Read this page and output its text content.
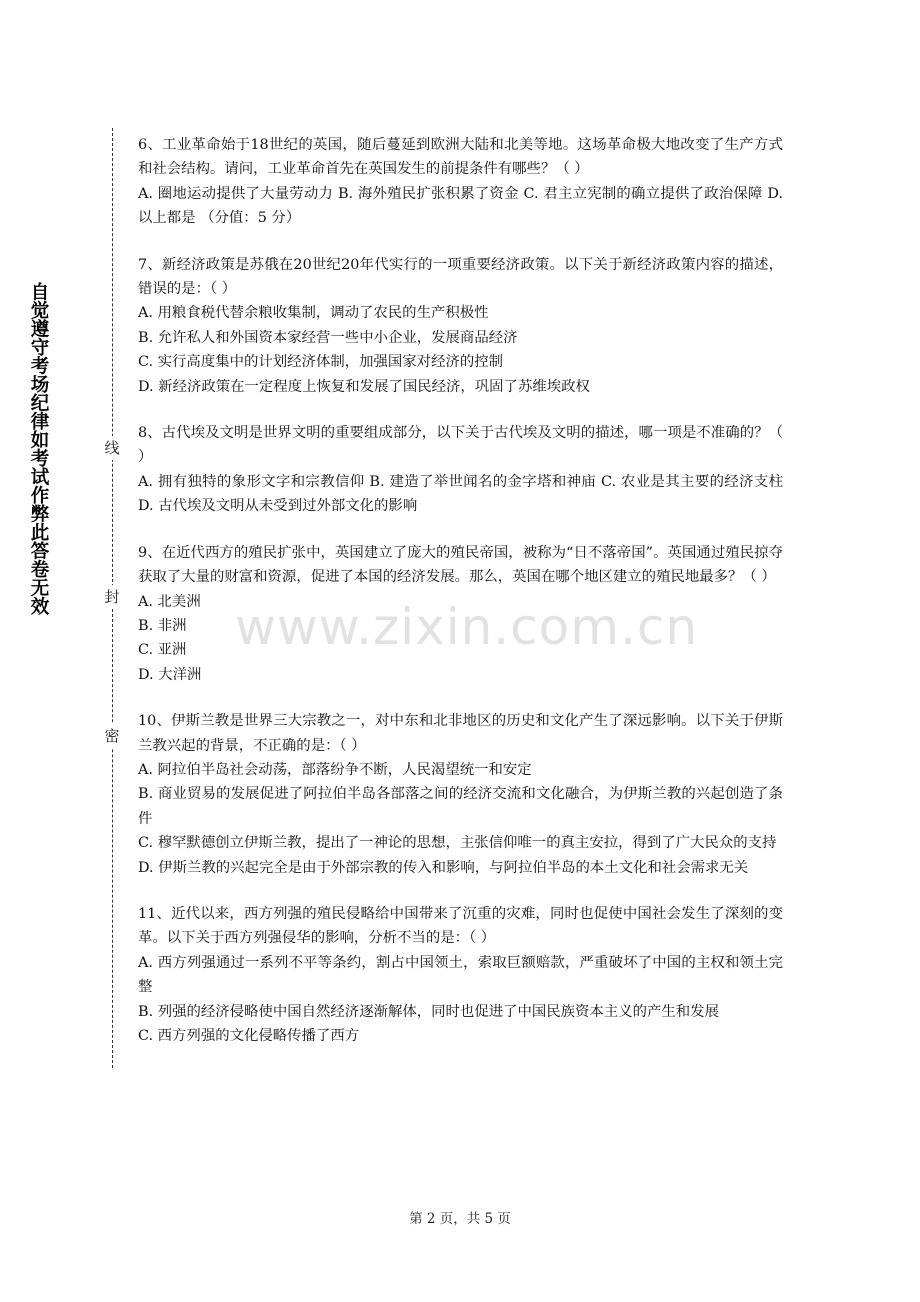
自觉遵守考场纪律如考试作弊此答卷无效	线
封
密
www.zixin.com.cn

6、工业革命始于18世纪的英国，随后蔓延到欧洲大陆和北美等地。这场革命极大地改变了生产方式和社会结构。请问，工业革命首先在英国发生的前提条件有哪些？（ ）

A. 圈地运动提供了大量劳动力 B. 海外殖民扩张积累了资金 C. 君主立宪制的确立提供了政治保障 D. 以上都是 （分值：5 分）

7、新经济政策是苏俄在20世纪20年代实行的一项重要经济政策。以下关于新经济政策内容的描述，错误的是：（ ）

A. 用粮食税代替余粮收集制，调动了农民的生产积极性

B. 允许私人和外国资本家经营一些中小企业，发展商品经济

C. 实行高度集中的计划经济体制，加强国家对经济的控制

D. 新经济政策在一定程度上恢复和发展了国民经济，巩固了苏维埃政权

8、古代埃及文明是世界文明的重要组成部分，以下关于古代埃及文明的描述，哪一项是不准确的？（ ）

A. 拥有独特的象形文字和宗教信仰 B. 建造了举世闻名的金字塔和神庙 C. 农业是其主要的经济支柱 D. 古代埃及文明从未受到过外部文化的影响

9、在近代西方的殖民扩张中，英国建立了庞大的殖民帝国，被称为“日不落帝国”。英国通过殖民掠夺获取了大量的财富和资源，促进了本国的经济发展。那么，英国在哪个地区建立的殖民地最多？（ ）

A. 北美洲

B. 非洲

C. 亚洲

D. 大洋洲

10、伊斯兰教是世界三大宗教之一，对中东和北非地区的历史和文化产生了深远影响。以下关于伊斯兰教兴起的背景，不正确的是：（ ）

A. 阿拉伯半岛社会动荡，部落纷争不断，人民渴望统一和安定

B. 商业贸易的发展促进了阿拉伯半岛各部落之间的经济交流和文化融合，为伊斯兰教的兴起创造了条件

C. 穆罕默德创立伊斯兰教，提出了一神论的思想，主张信仰唯一的真主安拉，得到了广大民众的支持

D. 伊斯兰教的兴起完全是由于外部宗教的传入和影响，与阿拉伯半岛的本土文化和社会需求无关

11、近代以来，西方列强的殖民侵略给中国带来了沉重的灾难，同时也促使中国社会发生了深刻的变革。以下关于西方列强侵华的影响，分析不当的是：（ ）

A. 西方列强通过一系列不平等条约，割占中国领土，索取巨额赔款，严重破坏了中国的主权和领土完整

B. 列强的经济侵略使中国自然经济逐渐解体，同时也促进了中国民族资本主义的产生和发展

C. 西方列强的文化侵略传播了西方

第 2 页，共 5 页
